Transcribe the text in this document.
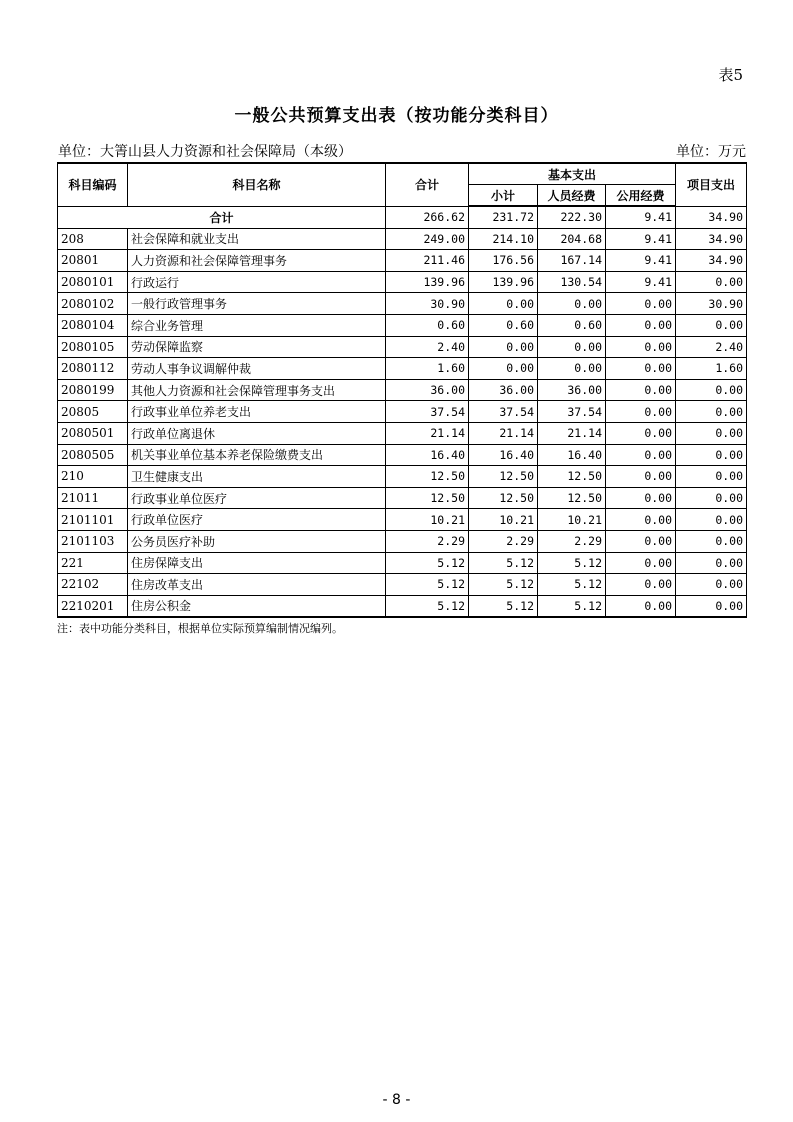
表5
一般公共预算支出表（按功能分类科目）
单位：大箐山县人力资源和社会保障局（本级）	单位：万元
科目编码	科目名称	合计	基本支出			项目支出
			小计	人员经费	公用经费	
合计		266.62	231.72	222.30	9.41	34.90
208	社会保障和就业支出	249.00	214.10	204.68	9.41	34.90
20801	人力资源和社会保障管理事务	211.46	176.56	167.14	9.41	34.90
2080101	行政运行	139.96	139.96	130.54	9.41	0.00
2080102	一般行政管理事务	30.90	0.00	0.00	0.00	30.90
2080104	综合业务管理	0.60	0.60	0.60	0.00	0.00
2080105	劳动保障监察	2.40	0.00	0.00	0.00	2.40
2080112	劳动人事争议调解仲裁	1.60	0.00	0.00	0.00	1.60
2080199	其他人力资源和社会保障管理事务支出	36.00	36.00	36.00	0.00	0.00
20805	行政事业单位养老支出	37.54	37.54	37.54	0.00	0.00
2080501	行政单位离退休	21.14	21.14	21.14	0.00	0.00
2080505	机关事业单位基本养老保险缴费支出	16.40	16.40	16.40	0.00	0.00
210	卫生健康支出	12.50	12.50	12.50	0.00	0.00
21011	行政事业单位医疗	12.50	12.50	12.50	0.00	0.00
2101101	行政单位医疗	10.21	10.21	10.21	0.00	0.00
2101103	公务员医疗补助	2.29	2.29	2.29	0.00	0.00
221	住房保障支出	5.12	5.12	5.12	0.00	0.00
22102	住房改革支出	5.12	5.12	5.12	0.00	0.00
2210201	住房公积金	5.12	5.12	5.12	0.00	0.00
注：表中功能分类科目，根据单位实际预算编制情况编列。
- 8 -
